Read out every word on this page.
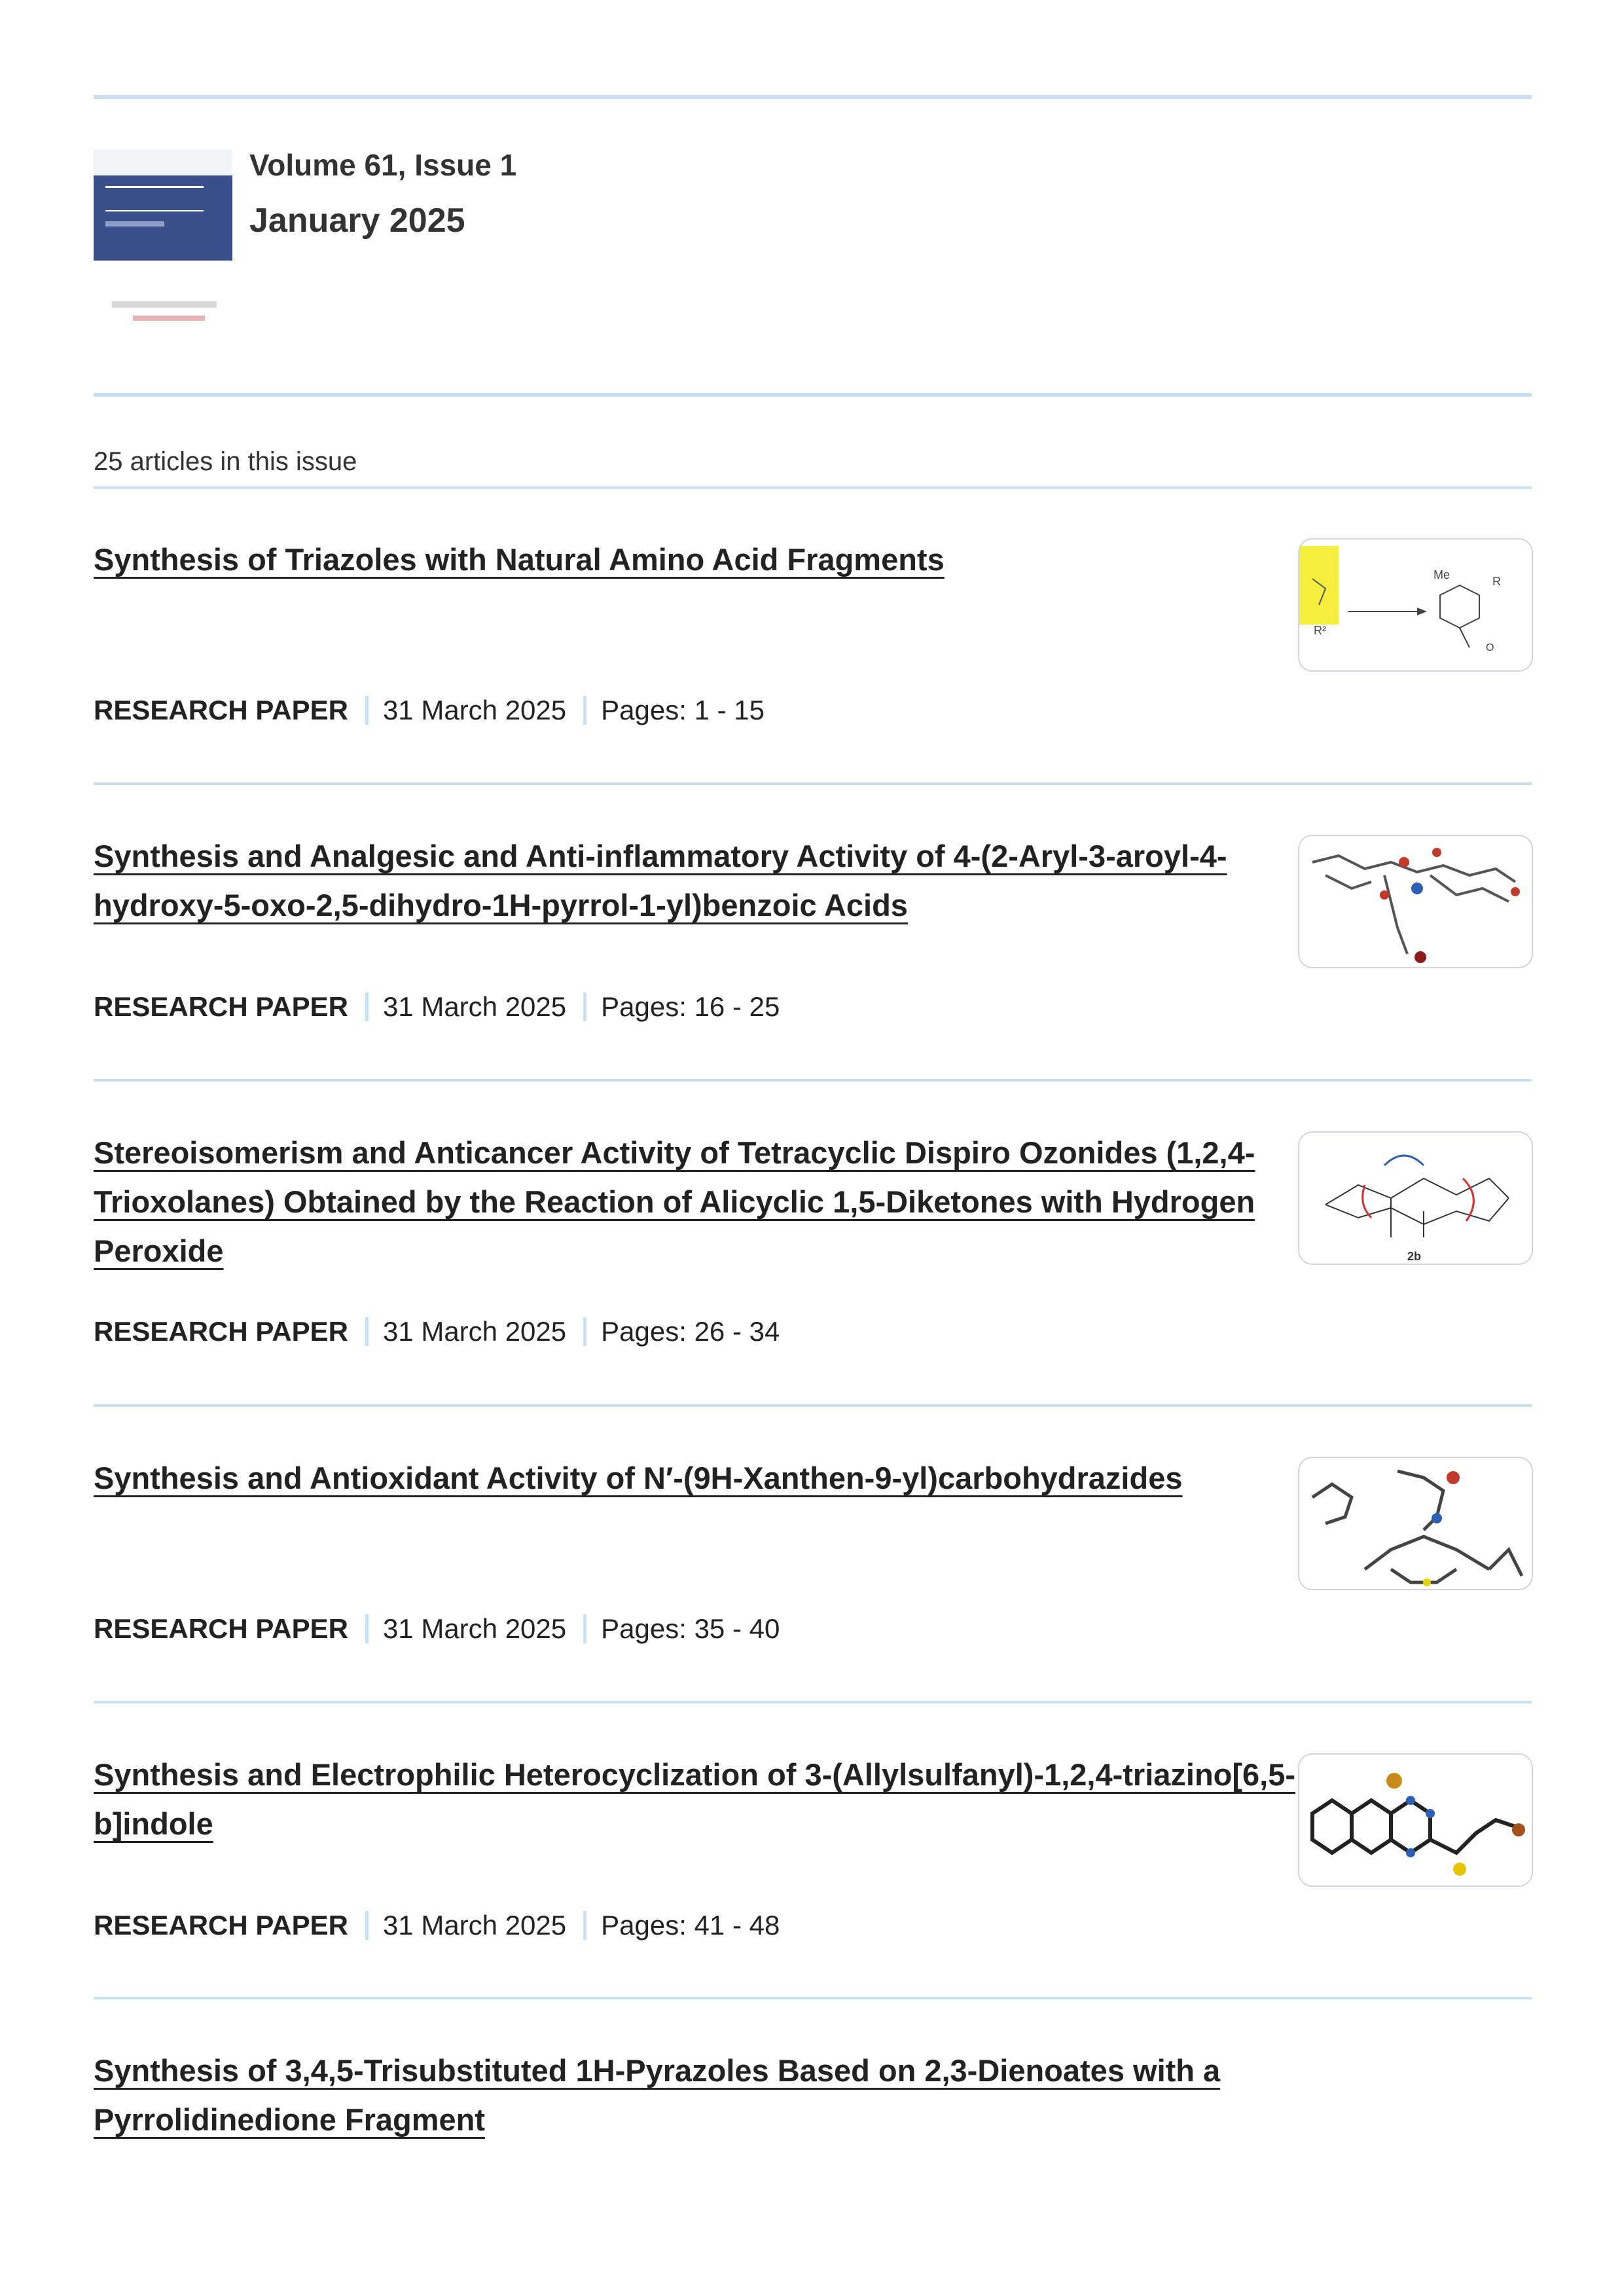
Volume 61, Issue 1
January 2025
25 articles in this issue
Synthesis of Triazoles with Natural Amino Acid Fragments
RESEARCH PAPER 31 March 2025 Pages: 1 - 15
R²
Me	R
O
Synthesis and Analgesic and Anti-inflammatory Activity of 4-(2-Aryl-3-aroyl-4-hydroxy-5-oxo-2,5-dihydro-1H-pyrrol-1-yl)benzoic Acids
RESEARCH PAPER 31 March 2025 Pages: 16 - 25
Stereoisomerism and Anticancer Activity of Tetracyclic Dispiro Ozonides (1,2,4-Trioxolanes) Obtained by the Reaction of Alicyclic 1,5-Diketones with Hydrogen Peroxide
RESEARCH PAPER 31 March 2025 Pages: 26 - 34
2b
Synthesis and Antioxidant Activity of N′-(9H-Xanthen-9-yl)carbohydrazides
RESEARCH PAPER 31 March 2025 Pages: 35 - 40
Synthesis and Electrophilic Heterocyclization of 3-(Allylsulfanyl)-1,2,4-triazino[6,5-b]indole
RESEARCH PAPER 31 March 2025 Pages: 41 - 48
Synthesis of 3,4,5-Trisubstituted 1H-Pyrazoles Based on 2,3-Dienoates with a Pyrrolidinedione Fragment
